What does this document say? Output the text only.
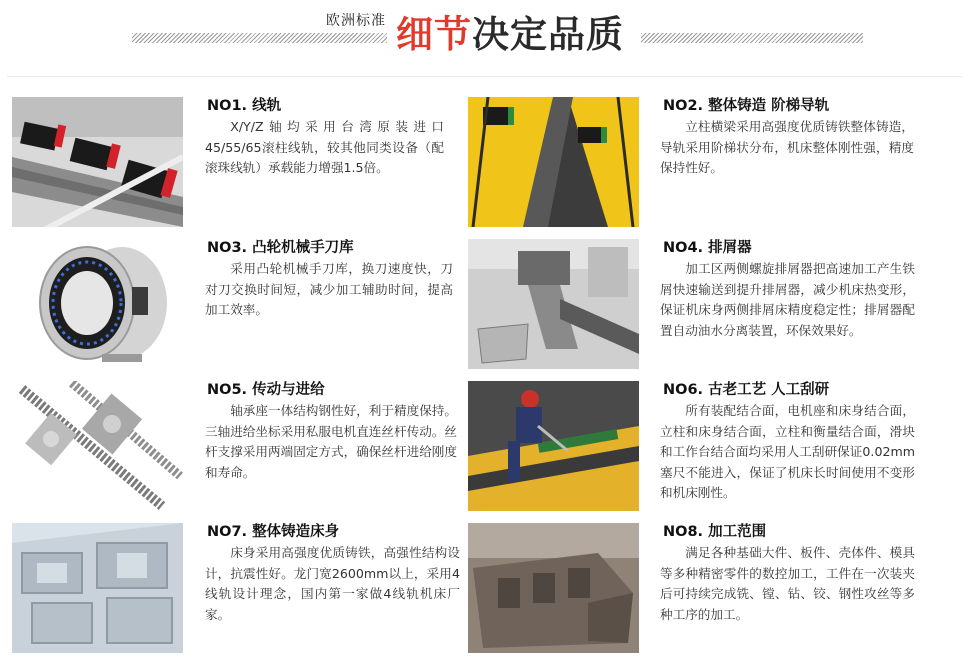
欧洲标准 细节决定品质
NO1. 线轨
X/Y/Z轴均采用台湾原装进口45/55/65滚柱线轨，较其他同类设备（配滚珠线轨）承载能力增强1.5倍。
NO2. 整体铸造 阶梯导轨
立柱横梁采用高强度优质铸铁整体铸造，导轨采用阶梯状分布，机床整体刚性强，精度保持性好。
NO3. 凸轮机械手刀库
采用凸轮机械手刀库，换刀速度快，刀对刀交换时间短，减少加工辅助时间，提高加工效率。
NO4. 排屑器
加工区两侧螺旋排屑器把高速加工产生铁屑快速输送到提升排屑器，减少机床热变形，保证机床身两侧排屑床精度稳定性；排屑器配置自动油水分离装置，环保效果好。
NO5. 传动与进给
轴承座一体结构钢性好，利于精度保持。三轴进给坐标采用私服电机直连丝杆传动。丝杆支撑采用两端固定方式，确保丝杆进给刚度和寿命。
NO6. 古老工艺 人工刮研
所有装配结合面，电机座和床身结合面，立柱和床身结合面，立柱和衡量结合面，滑块和工作台结合面均采用人工刮研保证0.02mm塞尺不能进入，保证了机床长时间使用不变形和机床刚性。
NO7. 整体铸造床身
床身采用高强度优质铸铁，高强性结构设计，抗震性好。龙门宽2600mm以上，采用4线轨设计理念，国内第一家做4线轨机床厂家。
NO8. 加工范围
满足各种基础大件、板件、壳体件、模具等多种精密零件的数控加工，工件在一次装夹后可持续完成铣、镗、钻、铰、钢性攻丝等多种工序的加工。
